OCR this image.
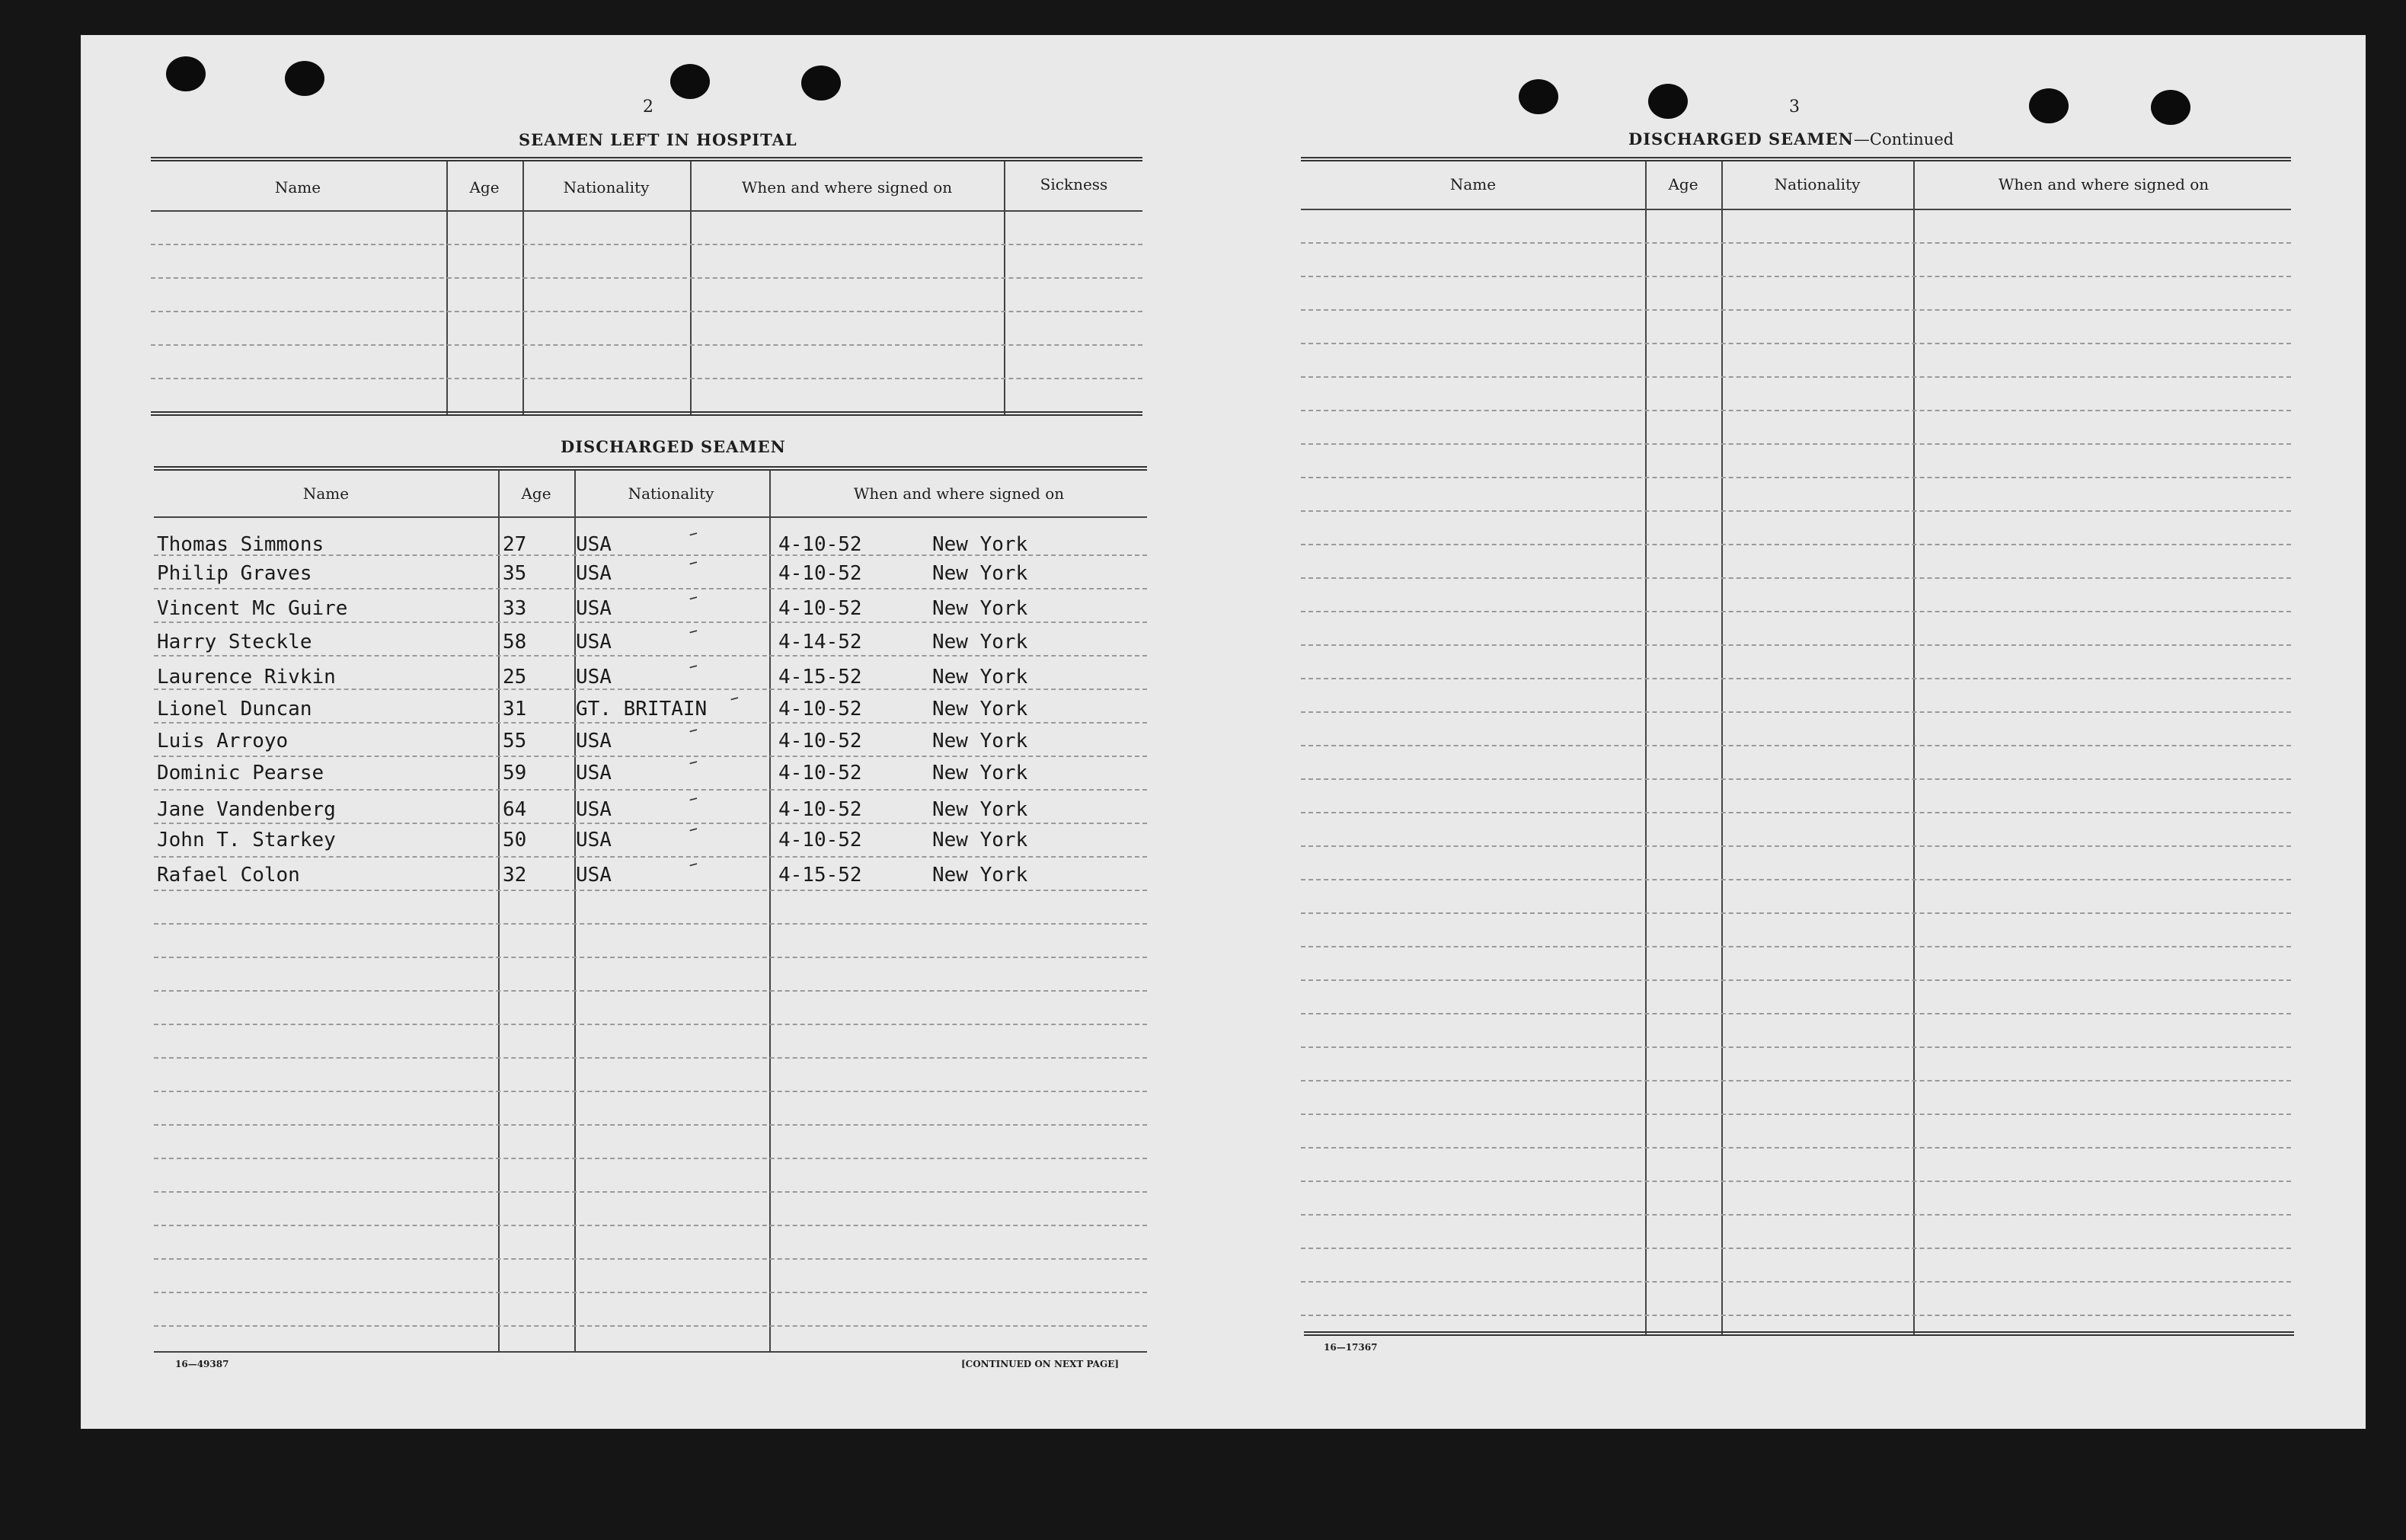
2
SEAMEN LEFT IN HOSPITAL
Name	Age	Nationality	When and where signed on	Sickness
DISCHARGED SEAMEN
Name	Age	Nationality	When and where signed on
Thomas Simmons	27 USA	4-10-52	New York
–
Philip Graves	35 USA	4-10-52	New York
–
Vincent Mc Guire	33 USA	4-10-52	New York
–
Harry Steckle	58 USA	4-14-52	New York
–
Laurence Rivkin	25 USA	4-15-52	New York
–
Lionel Duncan	31 GT. BRITAIN	4-10-52	New York
–
Luis Arroyo	55 USA	4-10-52	New York
–
Dominic Pearse	59 USA	4-10-52	New York
–
Jane Vandenberg	64 USA	4-10-52	New York
–
John T. Starkey	50 USA	4-10-52	New York
–
Rafael Colon	32 USA	4-15-52	New York
–
16—49387	[CONTINUED ON NEXT PAGE]
3
DISCHARGED SEAMEN—Continued
Name	Age	Nationality	When and where signed on
16—17367
